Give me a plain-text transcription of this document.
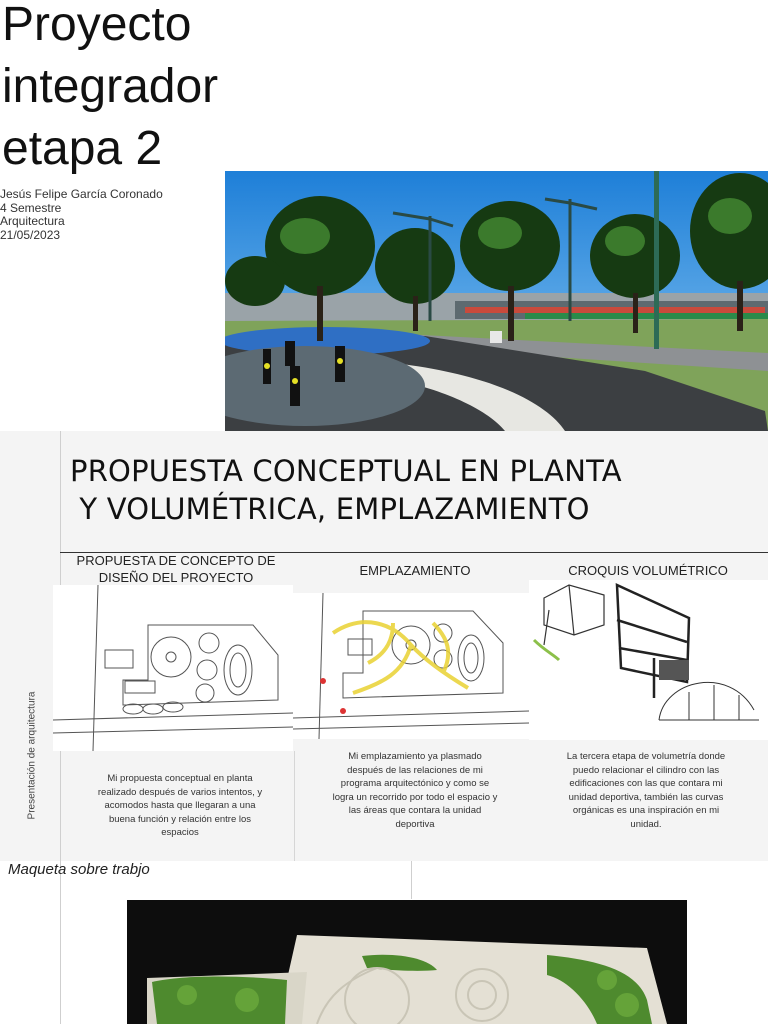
Proyecto
integrador
etapa 2
Jesús Felipe García Coronado
4 Semestre
Arquitectura
21/05/2023
Presentación de arquitectura
PROPUESTA CONCEPTUAL EN PLANTA
Y VOLUMÉTRICA, EMPLAZAMIENTO
PROPUESTA DE CONCEPTO DE DISEÑO DEL PROYECTO
Mi propuesta conceptual en planta realizado después de varios intentos, y acomodos hasta que llegaran a una buena función y relación entre los espacios
EMPLAZAMIENTO
Mi emplazamiento ya plasmado después de las relaciones de mi programa arquitectónico y como se logra un recorrido por todo el espacio y las áreas que contara la unidad deportiva
CROQUIS VOLUMÉTRICO
La tercera etapa de volumetría donde puedo relacionar el cilindro con las edificaciones con las que contara mi unidad deportiva, también las curvas orgánicas es una inspiración en mi unidad.
Maqueta sobre trabjo
